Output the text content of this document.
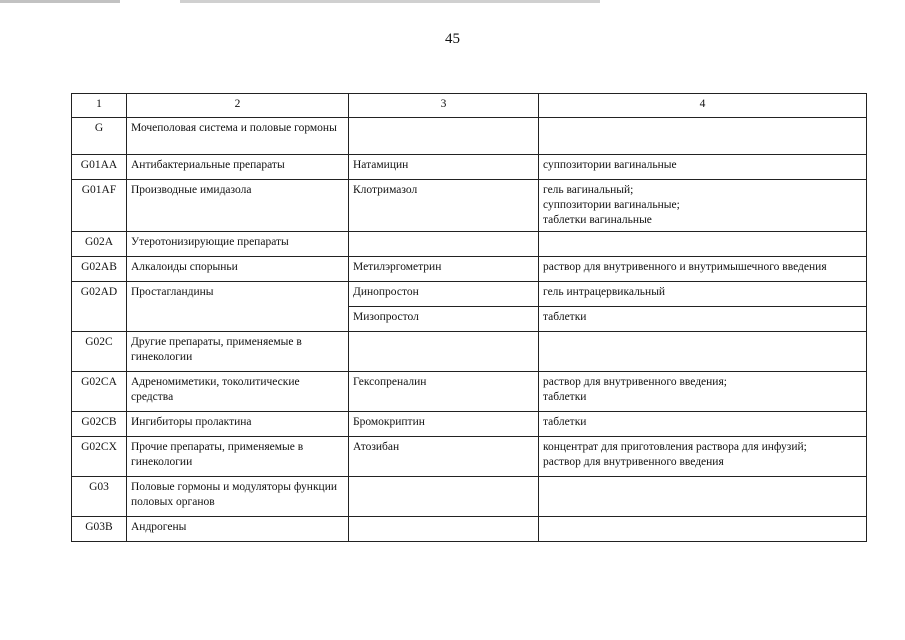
45
1	2	3	4
G	Мочеполовая система и половые гормоны		
G01AA	Антибактериальные препараты	Натамицин	суппозитории вагинальные
G01AF	Производные имидазола	Клотримазол	гель вагинальный;
суппозитории вагинальные;
таблетки вагинальные
G02A	Утеротонизирующие препараты		
G02AB	Алкалоиды спорыньи	Метилэргометрин	раствор для внутривенного и внутримышечного введения
G02AD	Простагландины	Динопростон	гель интрацервикальный
		Мизопростол	таблетки
G02C	Другие препараты, применяемые в гинекологии		
G02CA	Адреномиметики, токолитические средства	Гексопреналин	раствор для внутривенного введения;
таблетки
G02CB	Ингибиторы пролактина	Бромокриптин	таблетки
G02CX	Прочие препараты, применяемые в гинекологии	Атозибан	концентрат для приготовления раствора для инфузий;
раствор для внутривенного введения
G03	Половые гормоны и модуляторы функции половых органов		
G03B	Андрогены		
